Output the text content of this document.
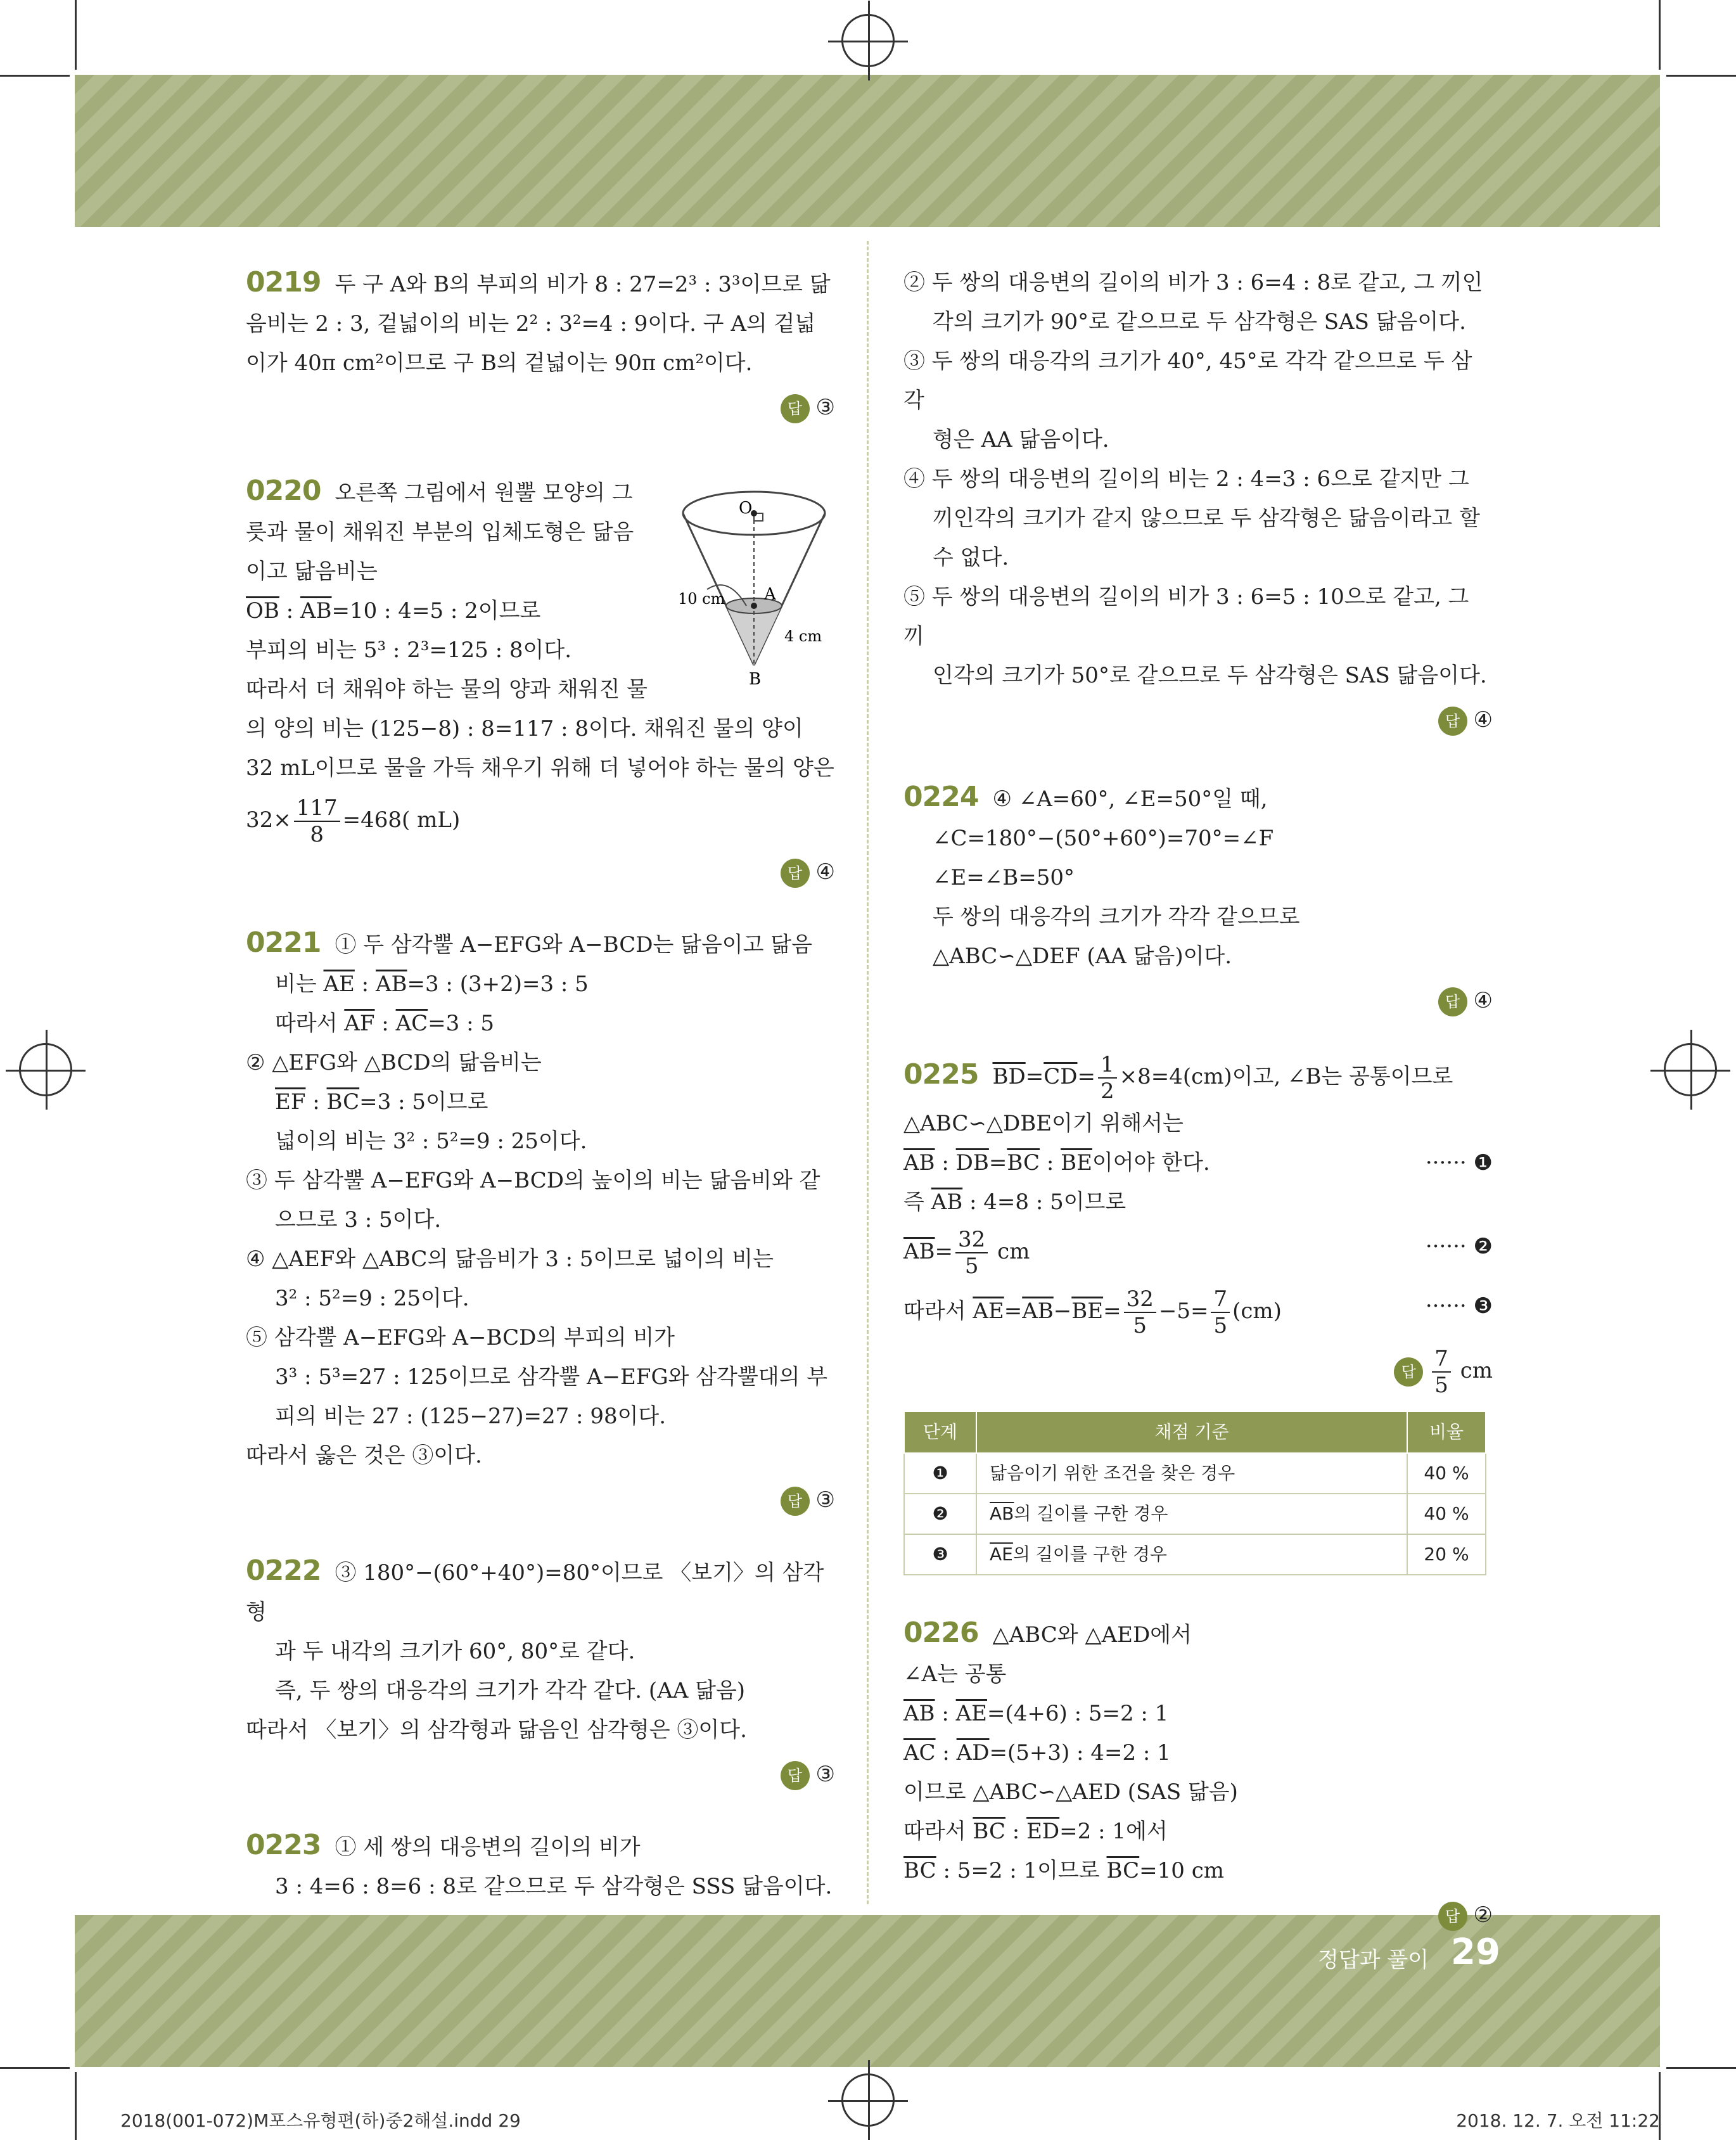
0219 두 구 A와 B의 부피의 비가 8 : 27=2³ : 3³이므로 닮

음비는 2 : 3, 겉넓이의 비는 2² : 3²=4 : 9이다. 구 A의 겉넓

이가 40π cm²이므로 구 B의 겉넓이는 90π cm²이다.

답 ③

0220 오른쪽 그림에서 원뿔 모양의 그

릇과 물이 채워진 부분의 입체도형은 닮음

이고 닮음비는

$\overline{OB}$ : $\overline{AB}=10$ : 4=5 : 2이므로

부피의 비는 5³ : 2³=125 : 8이다.

따라서 더 채워야 하는 물의 양과 채워진 물

의 양의 비는 (125−8) : 8=117 : 8이다. 채워진 물의 양이

32 mL이므로 물을 가득 채우기 위해 더 넣어야 하는 물의 양은

$32\times \frac{117}{8} =468$( mL)

답 ④

0221 ① 두 삼각뿔 A−EFG와 A−BCD는 닮음이고 닮음

비는 $\overline{AE}$ : $\overline{AB}=3$ : (3+2)=3 : 5

따라서 $\overline{AF}$ : $\overline{AC}=3$ : 5

② △EFG와 △BCD의 닮음비는

$\overline{EF}$ : $\overline{BC}=3$ : 5이므로

넓이의 비는 3² : 5²=9 : 25이다.

③ 두 삼각뿔 A−EFG와 A−BCD의 높이의 비는 닮음비와 같

으므로 3 : 5이다.

④ △AEF와 △ABC의 닮음비가 3 : 5이므로 넓이의 비는

3² : 5²=9 : 25이다.

⑤ 삼각뿔 A−EFG와 A−BCD의 부피의 비가

3³ : 5³=27 : 125이므로 삼각뿔 A−EFG와 삼각뿔대의 부

피의 비는 27 : (125−27)=27 : 98이다.

따라서 옳은 것은 ③이다.

답 ③

0222 ③ 180°−(60°+40°)=80°이므로 〈보기〉의 삼각형

과 두 내각의 크기가 60°, 80°로 같다.

즉, 두 쌍의 대응각의 크기가 각각 같다. (AA 닮음)

따라서 〈보기〉의 삼각형과 닮음인 삼각형은 ③이다.

답 ③

0223 ① 세 쌍의 대응변의 길이의 비가

3 : 4=6 : 8=6 : 8로 같으므로 두 삼각형은 SSS 닮음이다.

O
A
B
10 cm
4 cm

② 두 쌍의 대응변의 길이의 비가 3 : 6=4 : 8로 같고, 그 끼인

각의 크기가 90°로 같으므로 두 삼각형은 SAS 닮음이다.

③ 두 쌍의 대응각의 크기가 40°, 45°로 각각 같으므로 두 삼각

형은 AA 닮음이다.

④ 두 쌍의 대응변의 길이의 비는 2 : 4=3 : 6으로 같지만 그

끼인각의 크기가 같지 않으므로 두 삼각형은 닮음이라고 할

수 없다.

⑤ 두 쌍의 대응변의 길이의 비가 3 : 6=5 : 10으로 같고, 그 끼

인각의 크기가 50°로 같으므로 두 삼각형은 SAS 닮음이다.

답 ④

0224 ④ ∠A=60°, ∠E=50°일 때,

∠C=180°−(50°+60°)=70°=∠F

∠E=∠B=50°

두 쌍의 대응각의 크기가 각각 같으므로

△ABC∽△DEF (AA 닮음)이다.

답 ④

0225 $\overline{BD}=\overline{CD}= \frac{1}{2} \times 8=4(cm)$이고, ∠B는 공통이므로

△ABC∽△DBE이기 위해서는

$\overline{AB}$ : $\overline{DB}=\overline{BC}$ : $\overline{BE}$이어야 한다.	······ ❶

즉 $\overline{AB}$ : 4=8 : 5이므로

$\overline{AB}= \frac{32}{5}$ cm	······ ❷

따라서 $\overline{AE}=\overline{AB}-\overline{BE}= \frac{32}{5} -5= \frac{7}{5} (cm)$	······ ❸

답 $\frac{7}{5}$ cm

단계	채점 기준	비율
❶	닮음이기 위한 조건을 찾은 경우	40 %
❷	$\overline{AB}$의 길이를 구한 경우	40 %
❸	$\overline{AE}$의 길이를 구한 경우	20 %

0226 △ABC와 △AED에서

∠A는 공통

$\overline{AB}$ : $\overline{AE}=(4+6)$ : 5=2 : 1

$\overline{AC}$ : $\overline{AD}=(5+3)$ : 4=2 : 1

이므로 △ABC∽△AED (SAS 닮음)

따라서 $\overline{BC}$ : $\overline{ED}=2$ : 1에서

$\overline{BC}$ : 5=2 : 1이므로 $\overline{BC}=10$ cm

답 ②

정답과 풀이 29
2018(001-072)M포스유형편(하)중2해설.indd 29	2018. 12. 7. 오전 11:22
